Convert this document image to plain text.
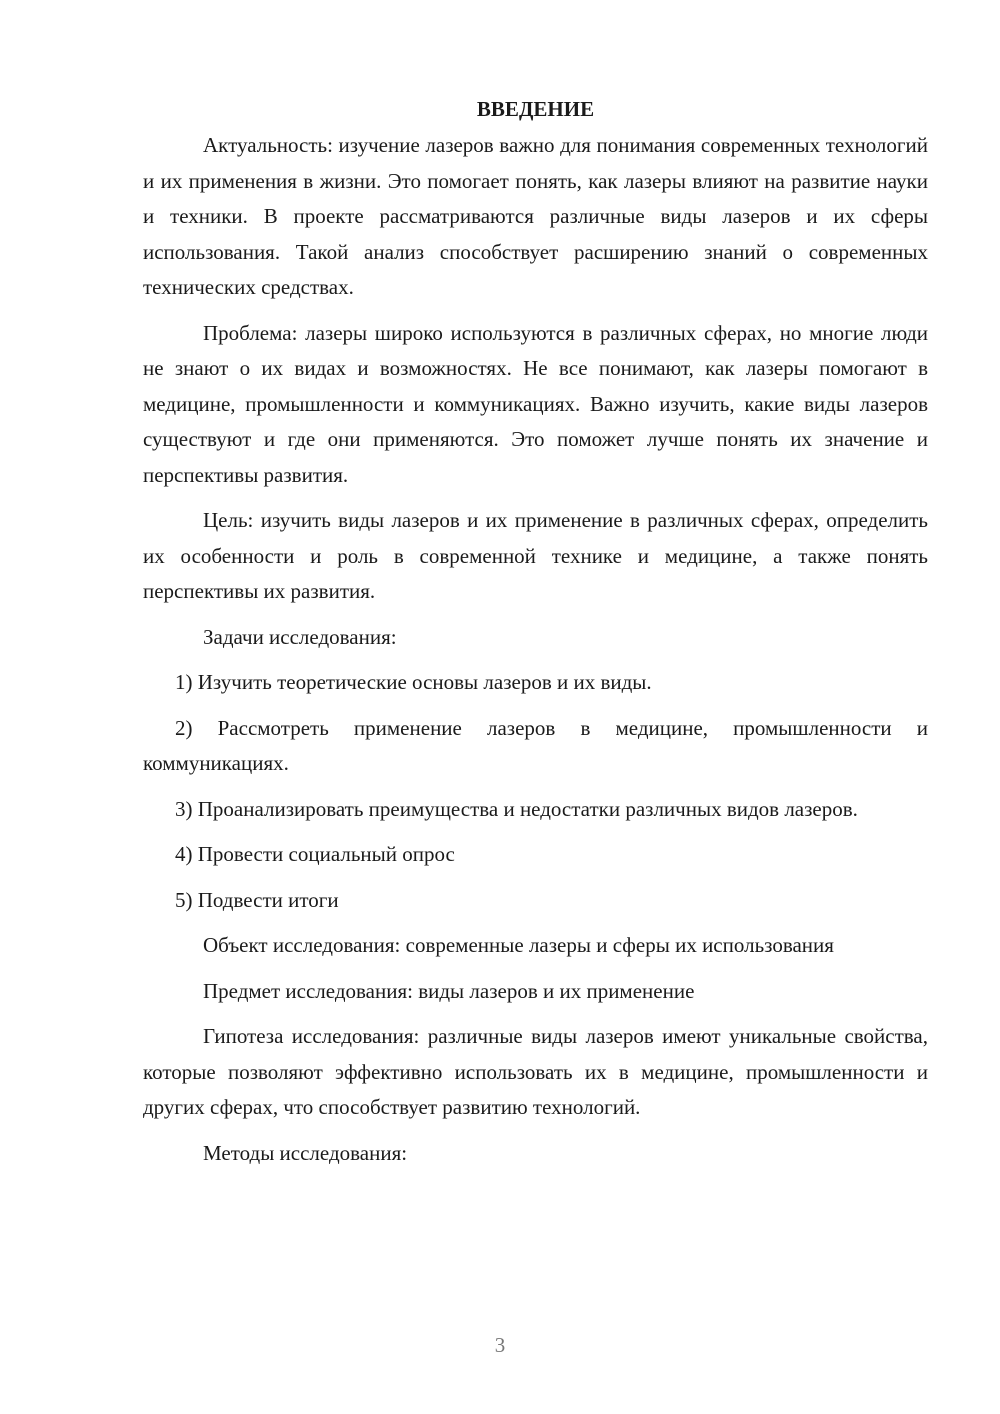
ВВЕДЕНИЕ

Актуальность: изучение лазеров важно для понимания современных технологий и их применения в жизни. Это помогает понять, как лазеры влияют на развитие науки и техники. В проекте рассматриваются различные виды лазеров и их сферы использования. Такой анализ способствует расширению знаний о современных технических средствах.

Проблема: лазеры широко используются в различных сферах, но многие люди не знают о их видах и возможностях. Не все понимают, как лазеры помогают в медицине, промышленности и коммуникациях. Важно изучить, какие виды лазеров существуют и где они применяются. Это поможет лучше понять их значение и перспективы развития.

Цель: изучить виды лазеров и их применение в различных сферах, определить их особенности и роль в современной технике и медицине, а также понять перспективы их развития.

Задачи исследования:

1) Изучить теоретические основы лазеров и их виды.

2) Рассмотреть применение лазеров в медицине, промышленности и коммуникациях.

3) Проанализировать преимущества и недостатки различных видов лазеров.

4) Провести социальный опрос

5) Подвести итоги

Объект исследования: современные лазеры и сферы их использования

Предмет исследования: виды лазеров и их применение

Гипотеза исследования: различные виды лазеров имеют уникальные свойства, которые позволяют эффективно использовать их в медицине, промышленности и других сферах, что способствует развитию технологий.

Методы исследования:

3
